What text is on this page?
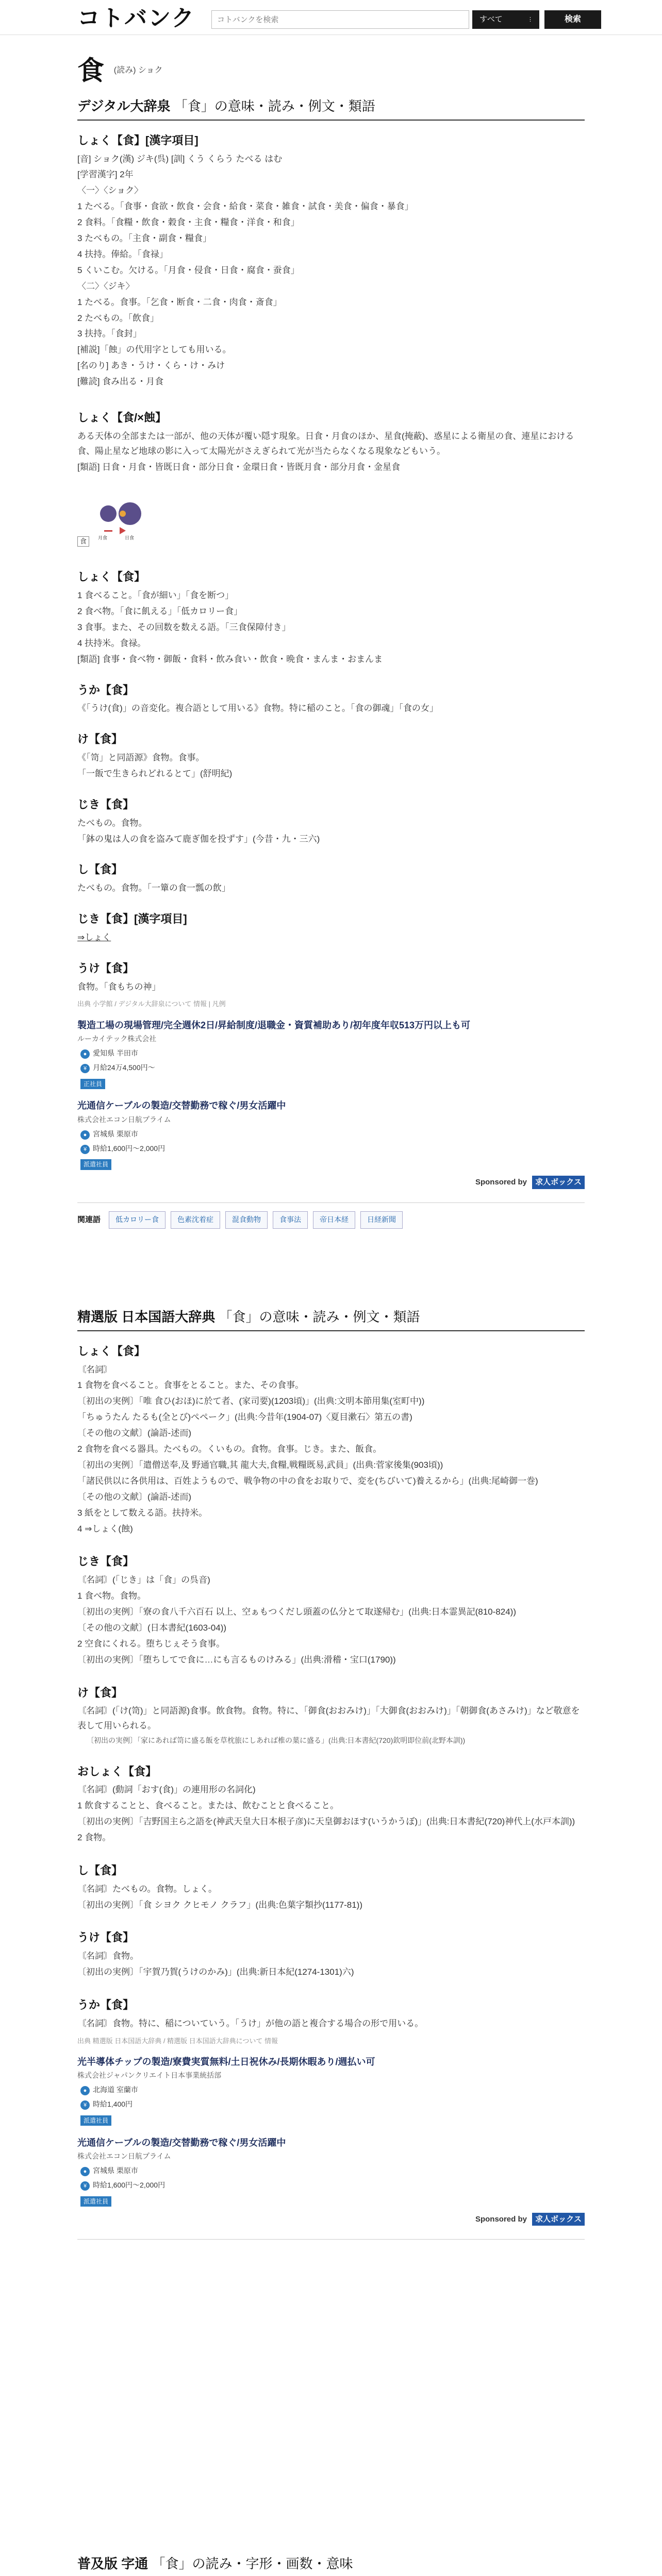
コトバンク
コトバンクを検索	すべて	⋮	検索
食 (読み) ショク
デジタル大辞泉 「食」の意味・読み・例文・類語
しょく【食】[漢字項目]
[音] ショク(漢) ジキ(呉) [訓] くう くらう たべる はむ
[学習漢字] 2年
〈一〉〈ショク〉
1 たべる。「食事・食欲・飲食・会食・給食・菜食・雑食・試食・美食・偏食・暴食」
2 食料。「食糧・飲食・穀食・主食・糧食・洋食・和食」
3 たべもの。「主食・副食・糧食」
4 扶持。俸給。「食禄」
5 くいこむ。欠ける。「月食・侵食・日食・腐食・蚕食」
〈二〉〈ジキ〉
1 たべる。食事。「乞食・断食・二食・肉食・斎食」
2 たべもの。「飲食」
3 扶持。「食封」
[補説]「蝕」の代用字としても用いる。
[名のり] あき・うけ・くら・け・みけ
[難読] 食み出る・月食
しょく【食/×蝕】
ある天体の全部または一部が、他の天体が覆い隠す現象。日食・月食のほか、星食(掩蔽)、惑星による衛星の食、連星における食、陽止星など地球の影に入って太陽光がさえぎられて光が当たらなくなる現象などもいう。
[類語] 日食・月食・皆既日食・部分日食・金環日食・皆既月食・部分月食・金星食
食 月食	日食
しょく【食】
1 食べること。「食が細い」「食を断つ」
2 食べ物。「食に飢える」「低カロリー食」
3 食事。また、その回数を数える語。「三食保障付き」
4 扶持米。食禄。
[類語] 食事・食べ物・御飯・食料・飲み食い・飲食・晩食・まんま・おまんま
うか【食】
《「うけ(食)」の音変化。複合語として用いる》食物。特に稲のこと。「食の御魂」「食の女」
け【食】
《「笥」と同語源》食物。食事。
「一飯で生きられどれるとて」(舒明紀)
じき【食】
たべもの。食物。
「鉢の鬼は人の食を盗みて鹿ぎ伽を投ずす」(今昔・九・三六)
し【食】
たべもの。食物。「一簞の食一瓢の飲」
じき【食】[漢字項目]
⇒しょく
うけ【食】
食物。「食もちの神」
出典 小学館 / デジタル大辞泉について 情報 | 凡例
製造工場の現場管理/完全週休2日/昇給制度/退職金・資質補助あり/初年度年収513万円以上も可
ルーカイテック株式会社
● 愛知県 半田市
¥ 月給24万4,500円〜
正社員
光通信ケーブルの製造/交替勤務で稼ぐ/男女活躍中
株式会社エコン日航プライム
● 宮城県 栗原市
¥ 時給1,600円〜2,000円
派遣社員
Sponsored by 求人ボックス
関連語	低カロリー食	色素沈着症	混食動物	食事法	帝日本経	日経新聞
精選版 日本国語大辞典 「食」の意味・読み・例文・類語
しょく【食】
〘名詞〙
1 食物を食べること。食事をとること。また、その食事。
〔初出の実例〕「唯 食ひ(おほ)に於て者、(家司要)(1203頃)」(出典:文明本節用集(室町中))
「ちゅうたん たるも(全とび)ぺペーク」(出典:今昔年(1904-07)〈夏目漱石〉第五の書)
〔その他の文献〕(論語-述而)
2 食物を食べる器具。たべもの。くいもの。食物。食事。じき。また、飯食。
〔初出の実例〕「遣僧送奉,及 野通官職,其 龍大夫,食糧,戦糧既易,武員」(出典:菅家後集(903頃))
「諸民供以に各供用は、百姓ようもので、戦争物の中の食をお取りで、変を(ちびいて)養えるから」(出典:尾崎御一巻)
〔その他の文献〕(論語-述而)
3 紙をとして数える語。扶持米。
4 ⇒しょく(蝕)
じき【食】
〘名詞〙(「じき」は「食」の呉音)
1 食べ物。食物。
〔初出の実例〕「寮の食八千六百石 以上、空ぁもつくだし頭蓋の仏分とて取遂帰む」(出典:日本霊異記(810-824))
〔その他の文献〕(日本書紀(1603-04))
2 空食にくれる。堕ちじぇそう食事。
〔初出の実例〕「堕ちしてで食に…にも言るものけみる」(出典:滑稽・宝口(1790))
け【食】
〘名詞〙(「け(笥)」と同語源)食事。飲食物。食物。特に、「御食(おおみけ)」「大御食(おおみけ)」「朝御食(あさみけ)」など敬意を表して用いられる。
〔初出の実例〕「家にあれば笥に盛る飯を草枕旅にしあれば椎の葉に盛る」(出典:日本書紀(720)欽明即位前(北野本訓))
おしょく【食】
〘名詞〙(動詞「おす(食)」の連用形の名詞化)
1 飲食することと、食べること。または、飲むことと食べること。
〔初出の実例〕「吉野国主ら之語を(神武天皇大日本根子彦)に天皇御おほす(いうかうぼ)」(出典:日本書紀(720)神代上(水戸本訓))
2 食物。
し【食】
〘名詞〙たべもの。食物。しょく。
〔初出の実例〕「食 シヨク クヒモノ クラフ」(出典:色葉字類抄(1177-81))
うけ【食】
〘名詞〙食物。
〔初出の実例〕「宇賀乃賀(うけのかみ)」(出典:新日本紀(1274-1301)六)
うか【食】
〘名詞〙食物。特に、稲についていう。「うけ」が他の語と複合する場合の形で用いる。
出典 精選版 日本国語大辞典 / 精選版 日本国語大辞典について 情報
光半導体チップの製造/寮費実質無料/土日祝休み/長期休暇あり/週払い可
株式会社ジャパンクリエイト日本事業統括部
● 北海道 室蘭市
¥ 時給1,400円
派遣社員
光通信ケーブルの製造/交替勤務で稼ぐ/男女活躍中
株式会社エコン日航プライム
● 宮城県 栗原市
¥ 時給1,600円〜2,000円
派遣社員
Sponsored by 求人ボックス
普及版 字通 「食」の読み・字形・画数・意味
